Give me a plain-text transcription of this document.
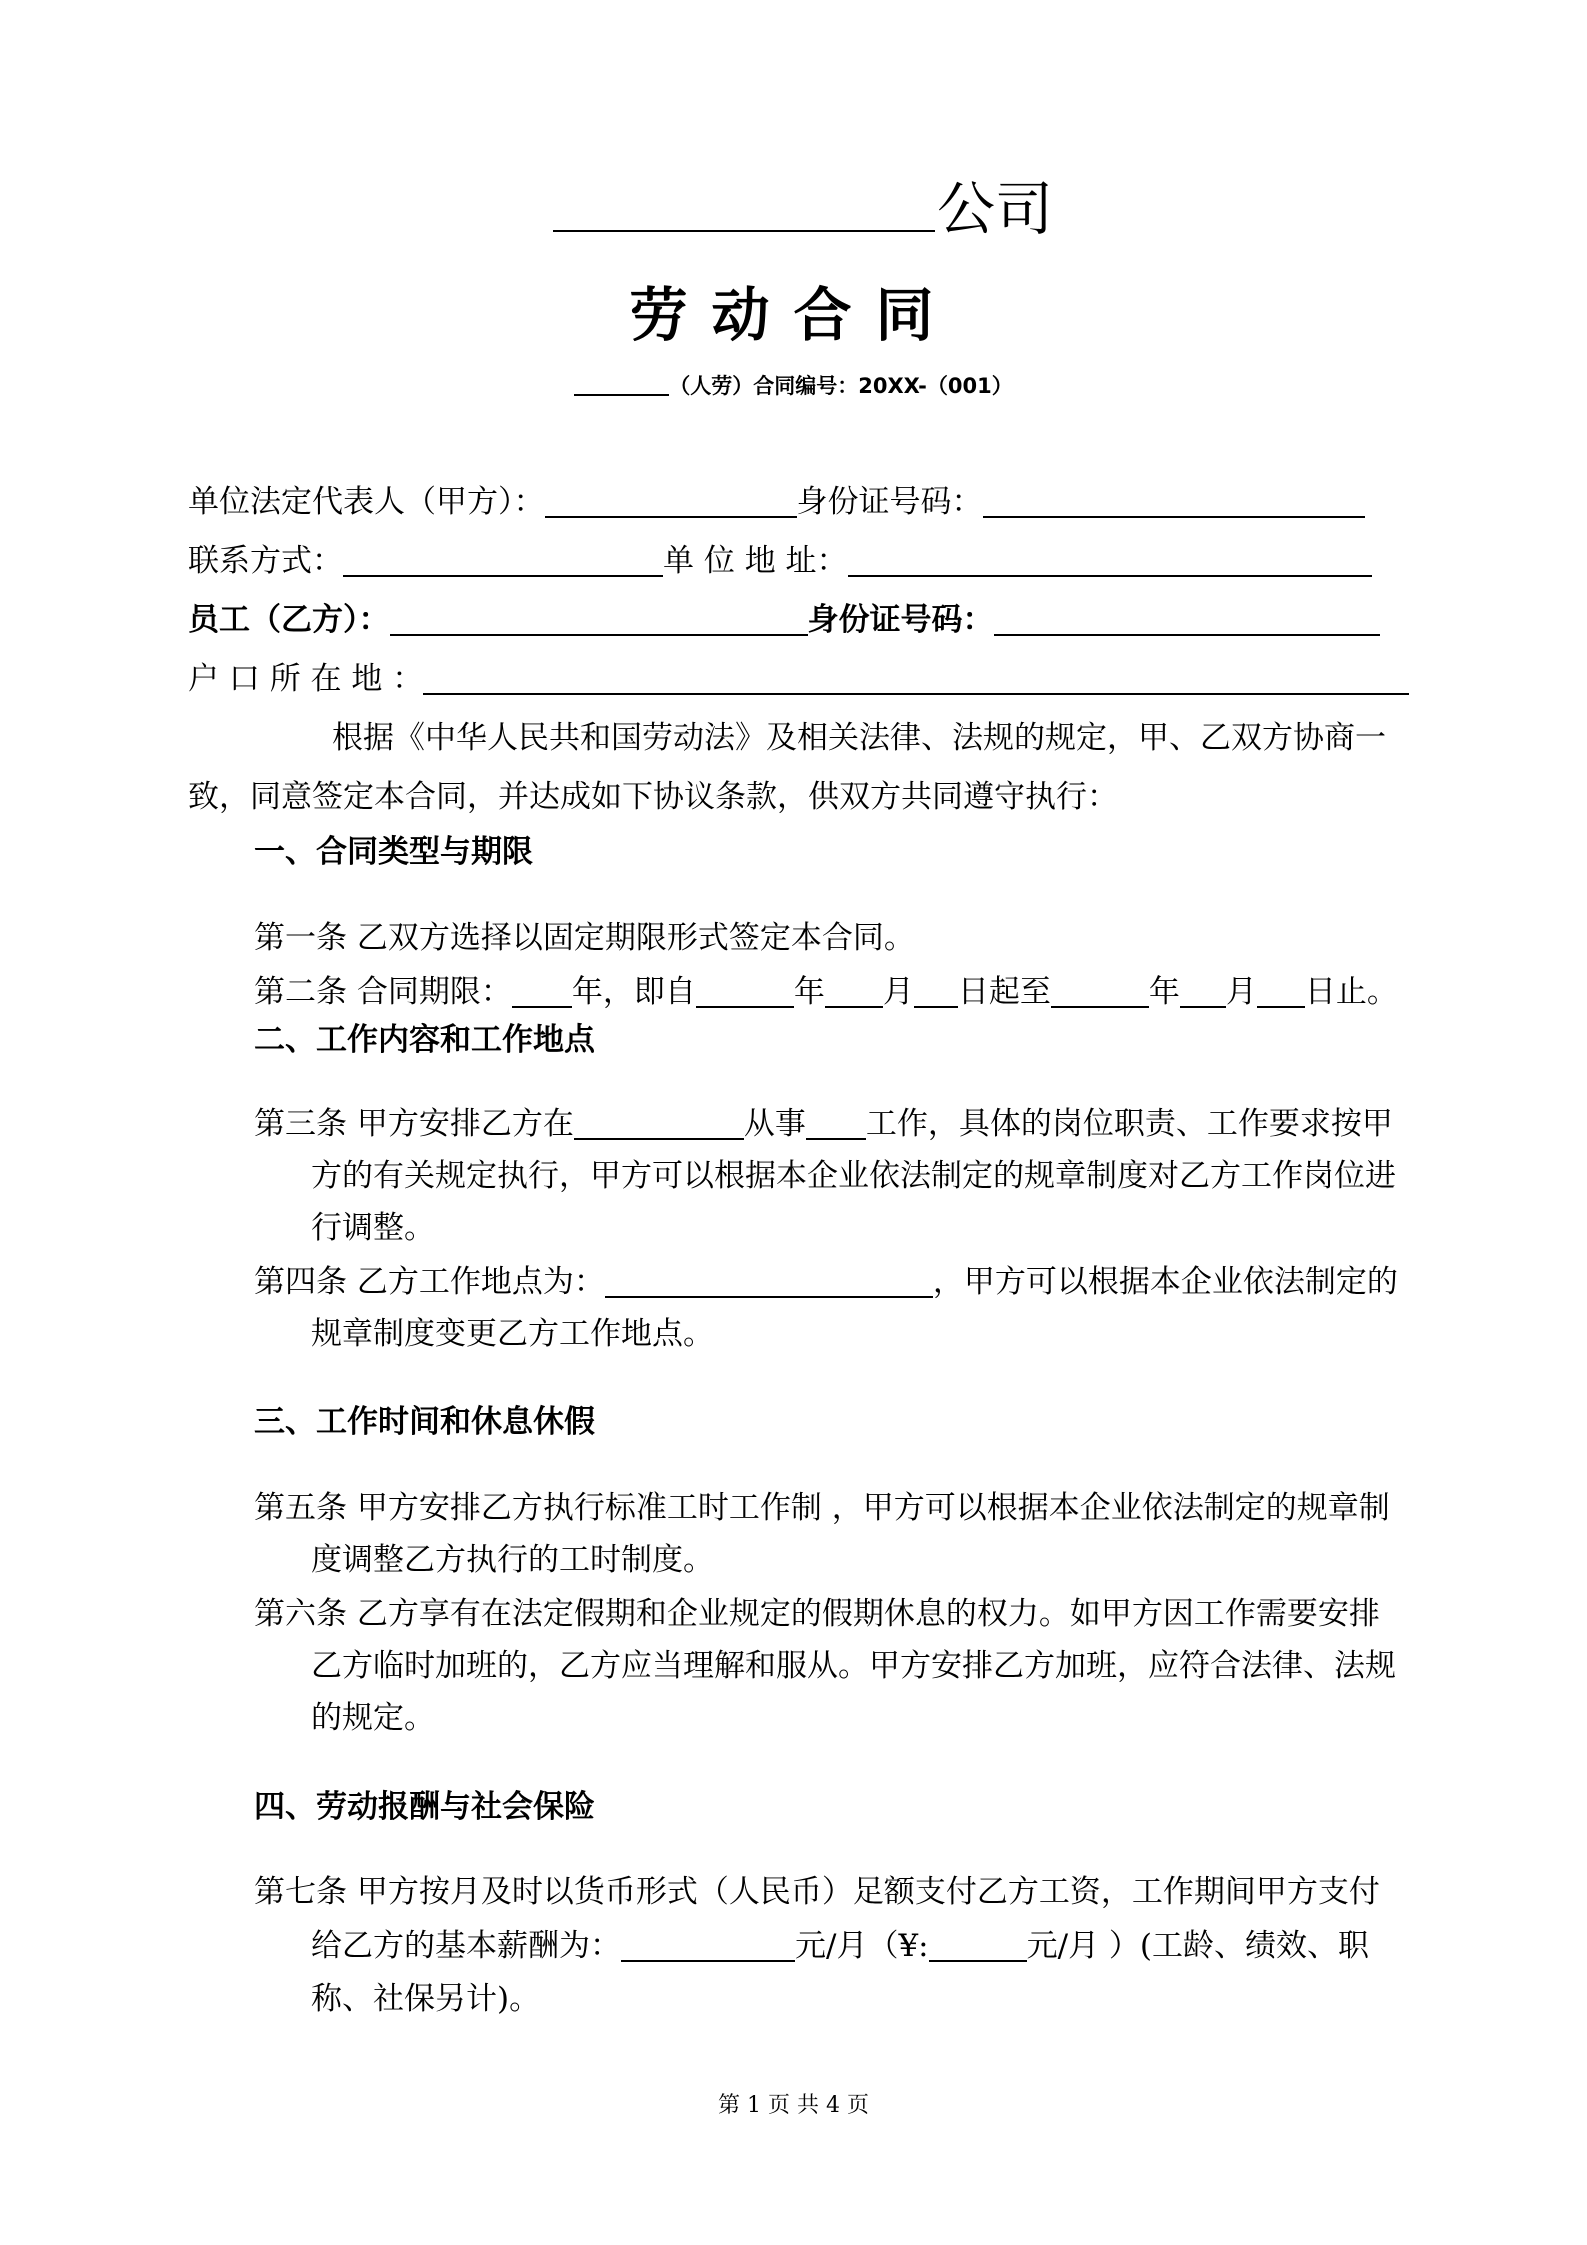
公司
劳动合同
（人劳）合同编号：20XX-（001）
单位法定代表人（甲方）：	身份证号码：
联系方式：	单 位 地 址：
员工（乙方）：	身份证号码：
户 口 所 在 地 ：
根据《中华人民共和国劳动法》及相关法律、法规的规定，甲、乙双方协商一
致，同意签定本合同，并达成如下协议条款，供双方共同遵守执行：
一、合同类型与期限
第一条 乙双方选择以固定期限形式签定本合同。
第二条 合同期限： 年，即自	年 月 日起至	年 月 日止。
二、工作内容和工作地点
第三条 甲方安排乙方在	从事 工作，具体的岗位职责、工作要求按甲
方的有关规定执行，甲方可以根据本企业依法制定的规章制度对乙方工作岗位进
行调整。
第四条 乙方工作地点为：	，甲方可以根据本企业依法制定的
规章制度变更乙方工作地点。
三、工作时间和休息休假
第五条 甲方安排乙方执行标准工时工作制 ，甲方可以根据本企业依法制定的规章制
度调整乙方执行的工时制度。
第六条 乙方享有在法定假期和企业规定的假期休息的权力。如甲方因工作需要安排
乙方临时加班的，乙方应当理解和服从。甲方安排乙方加班，应符合法律、法规
的规定。
四、劳动报酬与社会保险
第七条 甲方按月及时以货币形式（人民币）足额支付乙方工资，工作期间甲方支付
给乙方的基本薪酬为：	元/月（¥:	元/月 ）(工龄、绩效、职
称、社保另计)。
第 1 页 共 4 页
